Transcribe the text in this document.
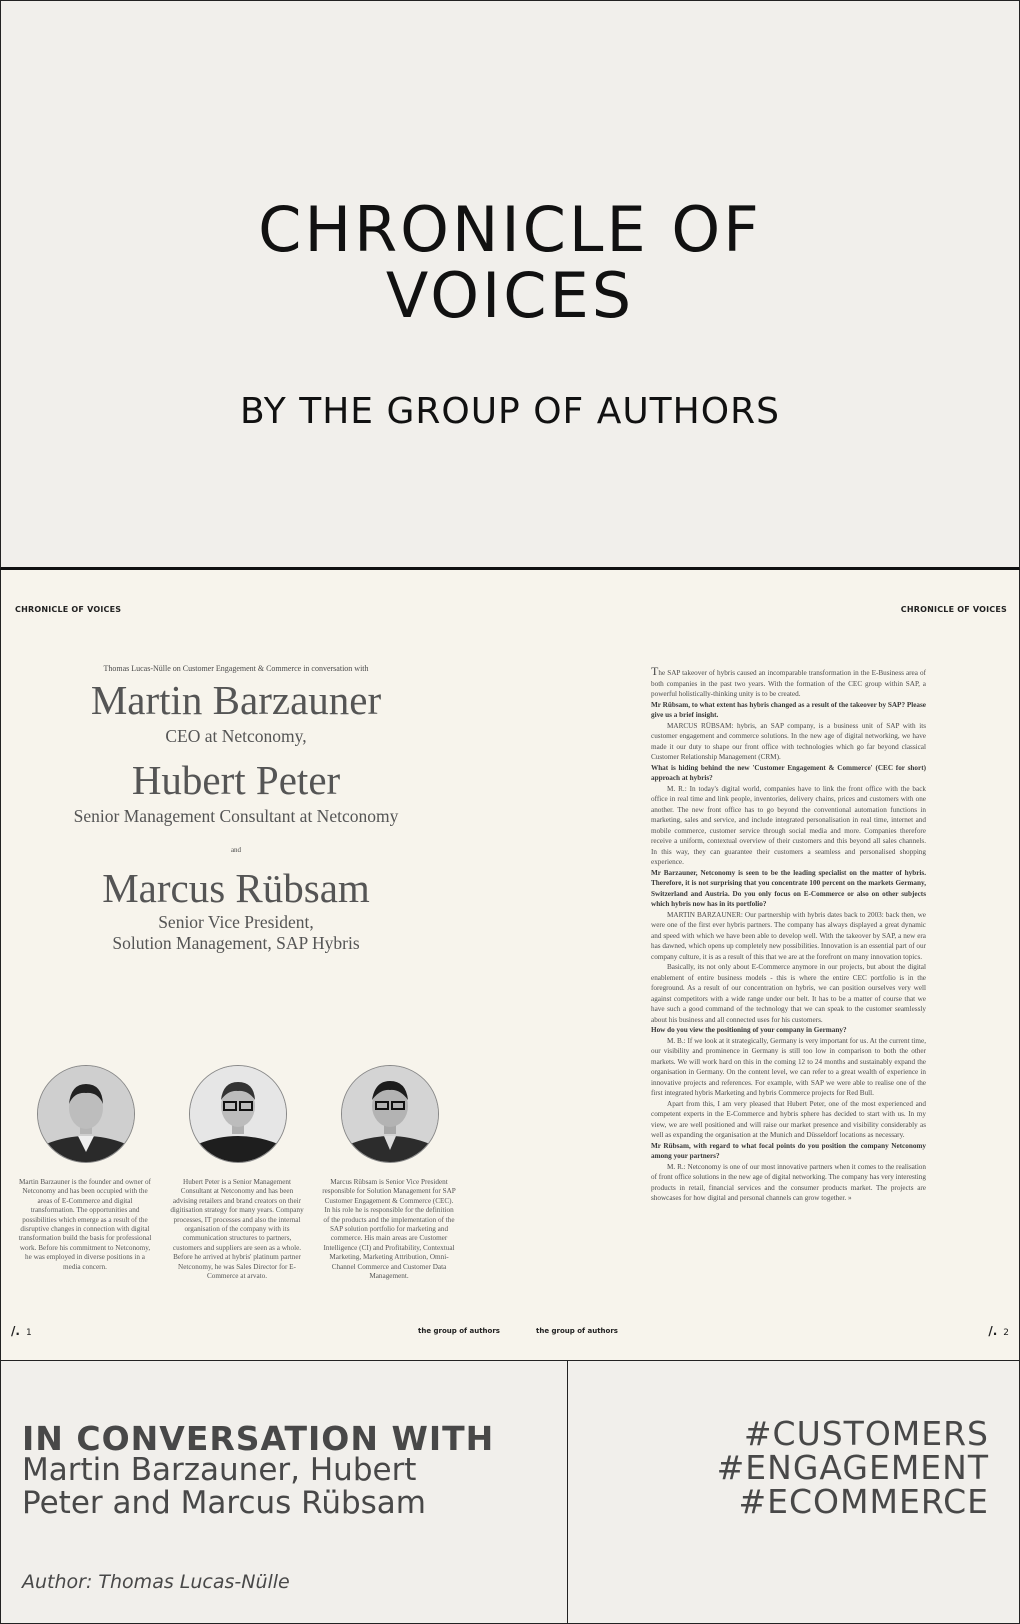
CHRONICLE OF
VOICES
BY THE GROUP OF AUTHORS
CHRONICLE OF VOICES	CHRONICLE OF VOICES
Thomas Lucas-Nülle on Customer Engagement & Commerce in conversation with
Martin Barzauner
CEO at Netconomy,
Hubert Peter
Senior Management Consultant at Netconomy
and
Marcus Rübsam
Senior Vice President,
Solution Management, SAP Hybris
Martin Barzauner is the founder and owner of Netconomy and has been occupied with the areas of E-Commerce and digital transformation. The opportunities and possibilities which emerge as a result of the disruptive changes in connection with digital transformation build the basis for professional work. Before his commitment to Netconomy, he was employed in diverse positions in a media concern.
Hubert Peter is a Senior Management Consultant at Netconomy and has been advising retailers and brand creators on their digitisation strategy for many years. Company processes, IT processes and also the internal organisation of the company with its communication structures to partners, customers and suppliers are seen as a whole. Before he arrived at hybris' platinum partner Netconomy, he was Sales Director for E-Commerce at arvato.
Marcus Rübsam is Senior Vice President responsible for Solution Management for SAP Customer Engagement & Commerce (CEC). In his role he is responsible for the definition of the products and the implementation of the SAP solution portfolio for marketing and commerce. His main areas are Customer Intelligence (CI) and Profitability, Contextual Marketing, Marketing Attribution, Omni-Channel Commerce and Customer Data Management.

The SAP takeover of hybris caused an incomparable transformation in the E-Business area of both companies in the past two years. With the formation of the CEC group within SAP, a powerful holistically-thinking unity is to be created.

Mr Rübsam, to what extent has hybris changed as a result of the takeover by SAP? Please give us a brief insight.

MARCUS RÜBSAM: hybris, an SAP company, is a business unit of SAP with its customer engagement and commerce solutions. In the new age of digital networking, we have made it our duty to shape our front office with technologies which go far beyond classical Customer Relationship Management (CRM).

What is hiding behind the new 'Customer Engagement & Commerce' (CEC for short) approach at hybris?

M. R.: In today's digital world, companies have to link the front office with the back office in real time and link people, inventories, delivery chains, prices and customers with one another. The new front office has to go beyond the conventional automation functions in marketing, sales and service, and include integrated personalisation in real time, internet and mobile commerce, customer service through social media and more. Companies therefore receive a uniform, contextual overview of their customers and this beyond all sales channels. In this way, they can guarantee their customers a seamless and personalised shopping experience.

Mr Barzauner, Netconomy is seen to be the leading specialist on the matter of hybris. Therefore, it is not surprising that you concentrate 100 percent on the markets Germany, Switzerland and Austria. Do you only focus on E-Commerce or also on other subjects which hybris now has in its portfolio?

MARTIN BARZAUNER: Our partnership with hybris dates back to 2003: back then, we were one of the first ever hybris partners. The company has always displayed a great dynamic and speed with which we have been able to develop well. With the takeover by SAP, a new era has dawned, which opens up completely new possibilities. Innovation is an essential part of our company culture, it is as a result of this that we are at the forefront on many innovation topics.

Basically, its not only about E-Commerce anymore in our projects, but about the digital enablement of entire business models - this is where the entire CEC portfolio is in the foreground. As a result of our concentration on hybris, we can position ourselves very well against competitors with a wide range under our belt. It has to be a matter of course that we have such a good command of the technology that we can speak to the customer seamlessly about his business and all connected uses for his customers.

How do you view the positioning of your company in Germany?

M. B.: If we look at it strategically, Germany is very important for us. At the current time, our visibility and prominence in Germany is still too low in comparison to both the other markets. We will work hard on this in the coming 12 to 24 months and sustainably expand the organisation in Germany. On the content level, we can refer to a great wealth of experience in innovative projects and references. For example, with SAP we were able to realise one of the first integrated hybris Marketing and hybris Commerce projects for Red Bull.

Apart from this, I am very pleased that Hubert Peter, one of the most experienced and competent experts in the E-Commerce and hybris sphere has decided to start with us. In my view, we are well positioned and will raise our market presence and visibility considerably as well as expanding the organisation at the Munich and Düsseldorf locations as necessary.

Mr Rübsam, with regard to what focal points do you position the company Netconomy among your partners?

M. R.: Netconomy is one of our most innovative partners when it comes to the realisation of front office solutions in the new age of digital networking. The company has very interesting products in retail, financial services and the consumer products market. The projects are showcases for how digital and personal channels can grow together. »

/. 1	the group of authors	the group of authors	/. 2
IN CONVERSATION WITH
Martin Barzauner, Hubert Peter and Marcus Rübsam
Author: Thomas Lucas-Nülle
#CUSTOMERS
#ENGAGEMENT
#ECOMMERCE
